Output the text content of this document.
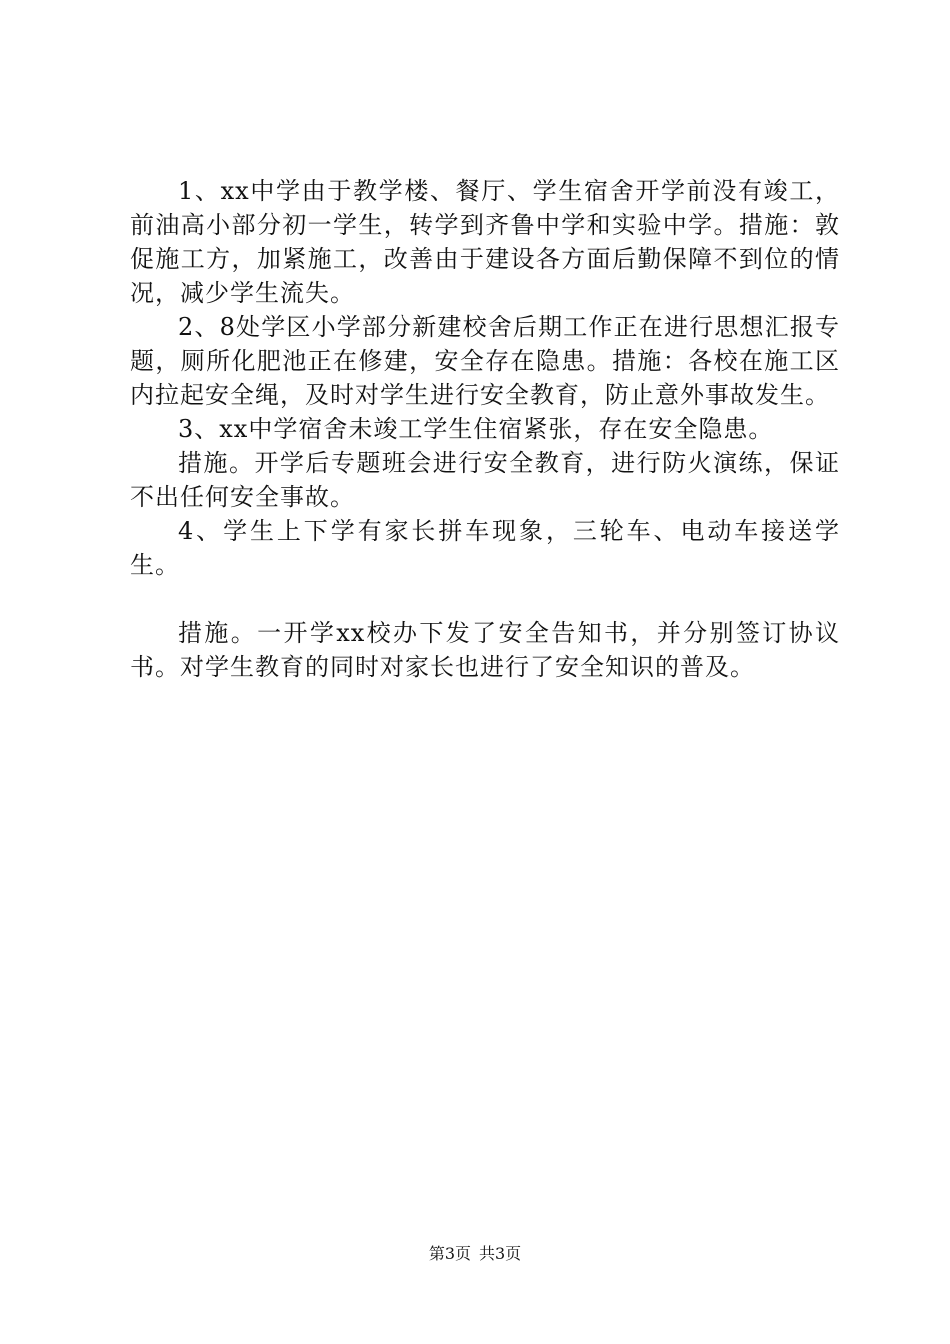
1、xx中学由于教学楼、餐厅、学生宿舍开学前没有竣工，前油高小部分初一学生，转学到齐鲁中学和实验中学。措施：敦促施工方，加紧施工，改善由于建设各方面后勤保障不到位的情况，减少学生流失。

2、8处学区小学部分新建校舍后期工作正在进行思想汇报专题，厕所化肥池正在修建，安全存在隐患。措施：各校在施工区内拉起安全绳，及时对学生进行安全教育，防止意外事故发生。

3、xx中学宿舍未竣工学生住宿紧张，存在安全隐患。

措施。开学后专题班会进行安全教育，进行防火演练，保证不出任何安全事故。

4、学生上下学有家长拼车现象，三轮车、电动车接送学生。

措施。一开学xx校办下发了安全告知书，并分别签订协议书。对学生教育的同时对家长也进行了安全知识的普及。

第3页 共3页
